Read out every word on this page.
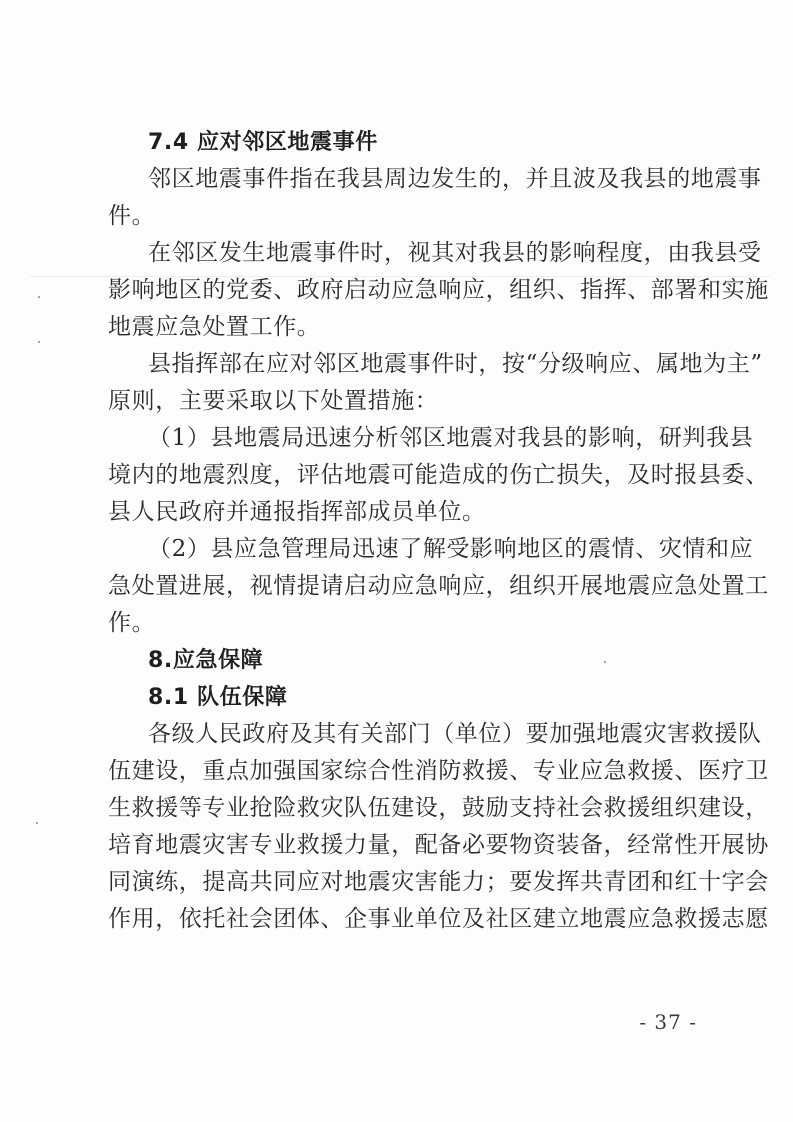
7.4 应对邻区地震事件
邻区地震事件指在我县周边发生的，并且波及我县的地震事
件。
在邻区发生地震事件时，视其对我县的影响程度，由我县受
影响地区的党委、政府启动应急响应，组织、指挥、部署和实施
地震应急处置工作。
县指挥部在应对邻区地震事件时，按“分级响应、属地为主”
原则，主要采取以下处置措施：
（1）县地震局迅速分析邻区地震对我县的影响，研判我县
境内的地震烈度，评估地震可能造成的伤亡损失，及时报县委、
县人民政府并通报指挥部成员单位。
（2）县应急管理局迅速了解受影响地区的震情、灾情和应
急处置进展，视情提请启动应急响应，组织开展地震应急处置工
作。
8.应急保障
8.1 队伍保障
各级人民政府及其有关部门（单位）要加强地震灾害救援队
伍建设，重点加强国家综合性消防救援、专业应急救援、医疗卫
生救援等专业抢险救灾队伍建设，鼓励支持社会救援组织建设，
培育地震灾害专业救援力量，配备必要物资装备，经常性开展协
同演练，提高共同应对地震灾害能力；要发挥共青团和红十字会
作用，依托社会团体、企事业单位及社区建立地震应急救援志愿
- 37 -
